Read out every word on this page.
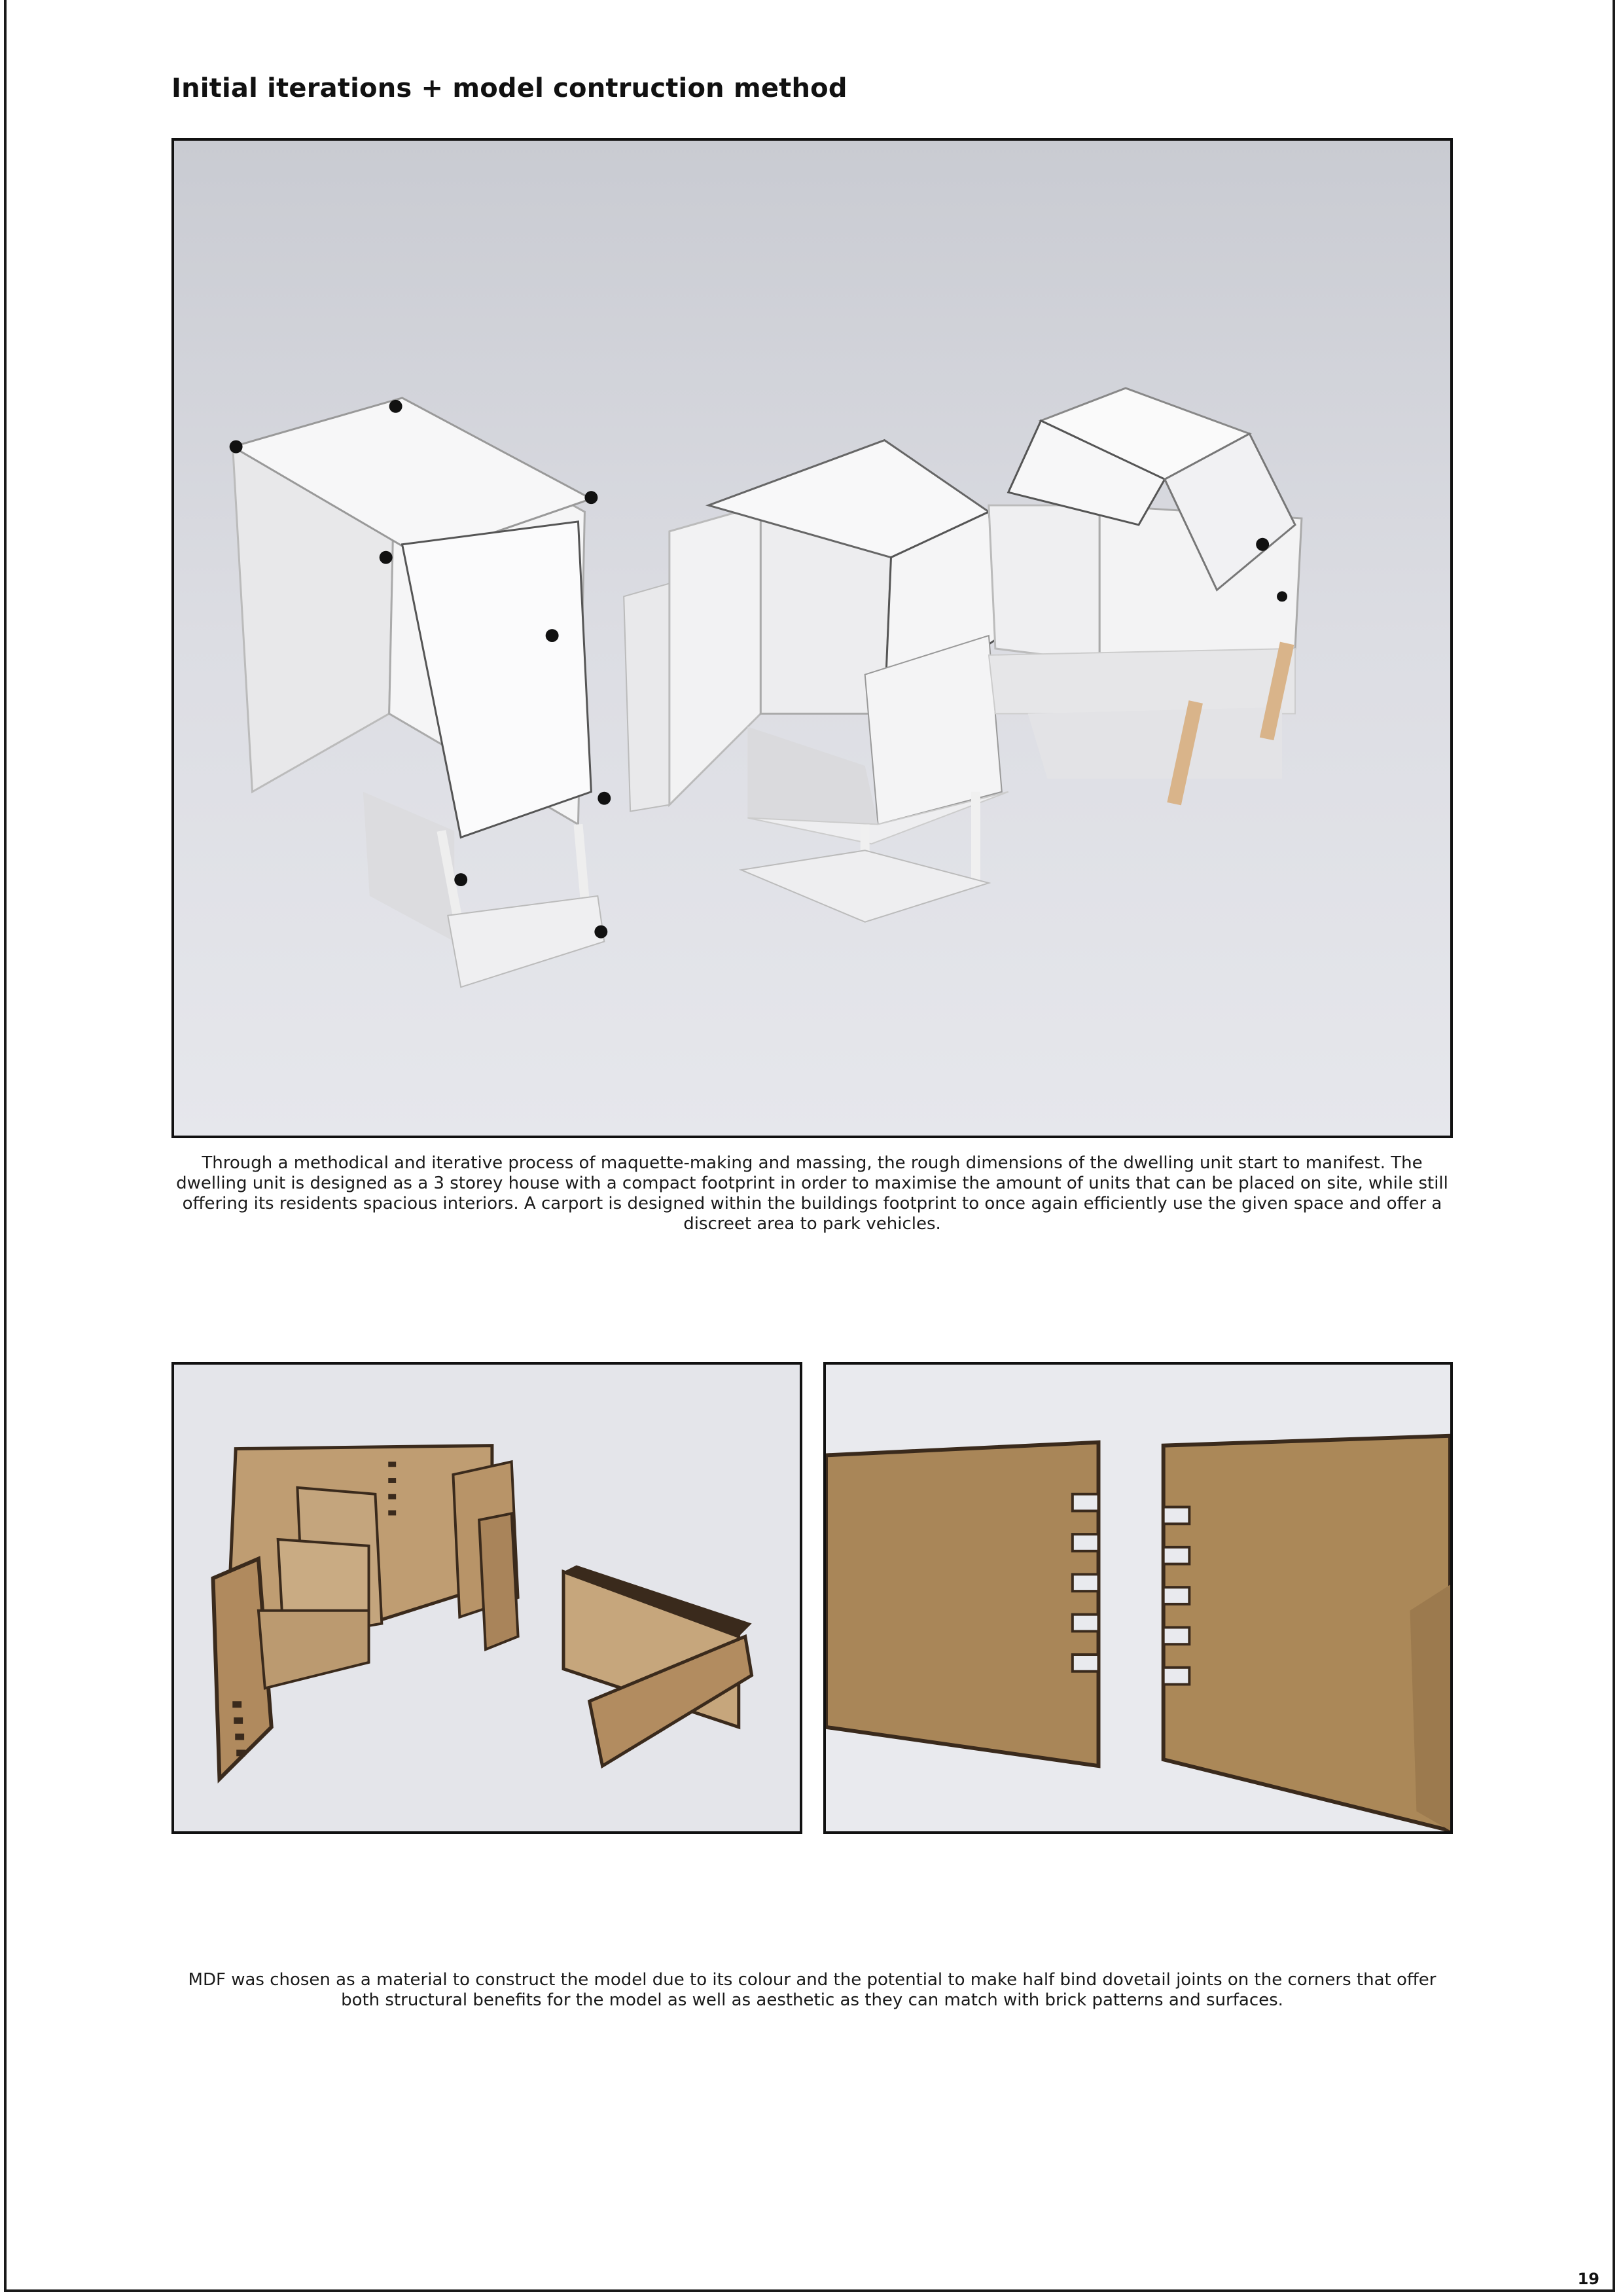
Initial iterations + model contruction method
Through a methodical and iterative process of maquette-making and massing, the rough dimensions of the dwelling unit start to manifest. The dwelling unit is designed as a 3 storey house with a compact footprint in order to maximise the amount of units that can be placed on site, while still offering its residents spacious interiors. A carport is designed within the buildings footprint to once again efficiently use the given space and offer a discreet area to park vehicles.
MDF was chosen as a material to construct the model due to its colour and the potential to make half bind dovetail joints on the corners that offer both structural benefits for the model as well as aesthetic as they can match with brick patterns and surfaces.
19
